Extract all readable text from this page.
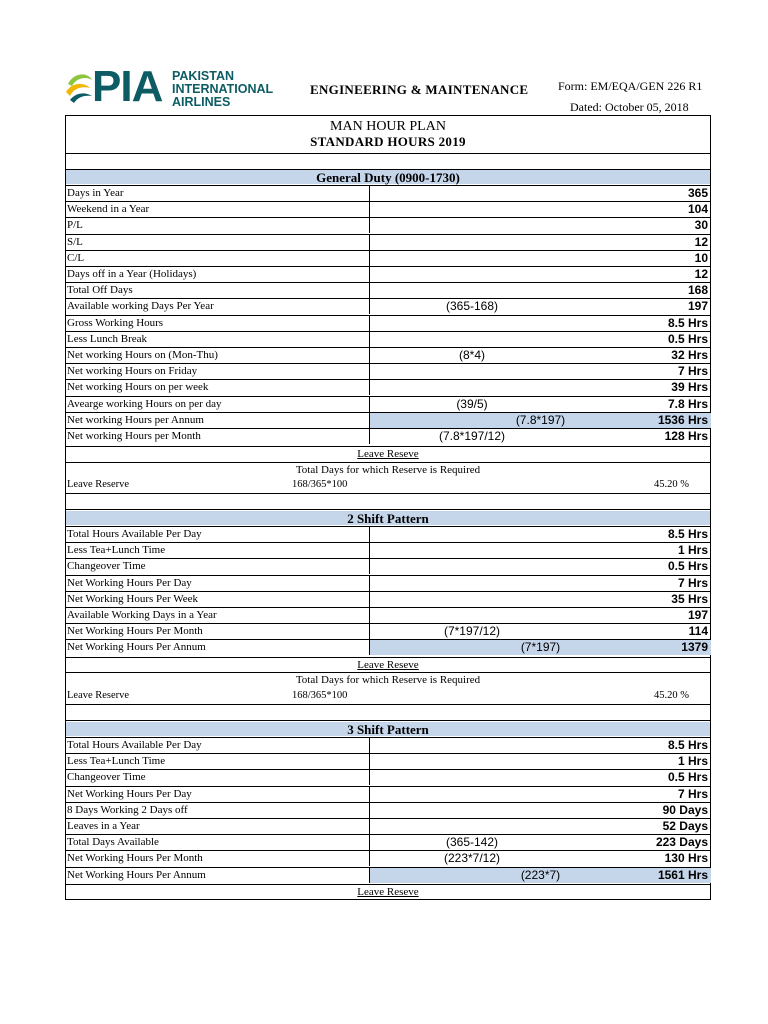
PIA PAKISTAN
INTERNATIONAL
AIRLINES
ENGINEERING & MAINTENANCE Form: EM/EQA/GEN 226 R1
Dated: October 05, 2018
MAN HOUR PLAN
STANDARD HOURS 2019
General Duty (0900-1730)
Days in Year	365
Weekend in a Year	104
P/L	30
S/L	12
C/L	10
Days off in a Year (Holidays)	12
Total Off Days	168
Available working Days Per Year	(365-168)	197
Gross Working Hours	8.5 Hrs
Less Lunch Break	0.5 Hrs
Net working Hours on (Mon-Thu)	(8*4)	32 Hrs
Net working Hours on Friday	7 Hrs
Net working Hours on per week	39 Hrs
Avearge working Hours on per day	(39/5)	7.8 Hrs
Net working Hours per Annum	(7.8*197)	1536 Hrs
Net working Hours per Month	(7.8*197/12)	128 Hrs
Leave Reseve
Total Days for which Reserve is Required
Leave Reserve	168/365*100	45.20 %
2 Shift Pattern
Total Hours Available Per Day	8.5 Hrs
Less Tea+Lunch Time	1 Hrs
Changeover Time	0.5 Hrs
Net Working Hours Per Day	7 Hrs
Net Working Hours Per Week	35 Hrs
Available Working Days in a Year	197
Net Working Hours Per Month	(7*197/12)	114
Net Working Hours Per Annum	(7*197)	1379
Leave Reseve
Total Days for which Reserve is Required
Leave Reserve	168/365*100	45.20 %
3 Shift Pattern
Total Hours Available Per Day	8.5 Hrs
Less Tea+Lunch Time	1 Hrs
Changeover Time	0.5 Hrs
Net Working Hours Per Day	7 Hrs
8 Days Working 2 Days off	90 Days
Leaves in a Year	52 Days
Total Days Available	(365-142)	223 Days
Net Working Hours Per Month	(223*7/12)	130 Hrs
Net Working Hours Per Annum	(223*7)	1561 Hrs
Leave Reseve
